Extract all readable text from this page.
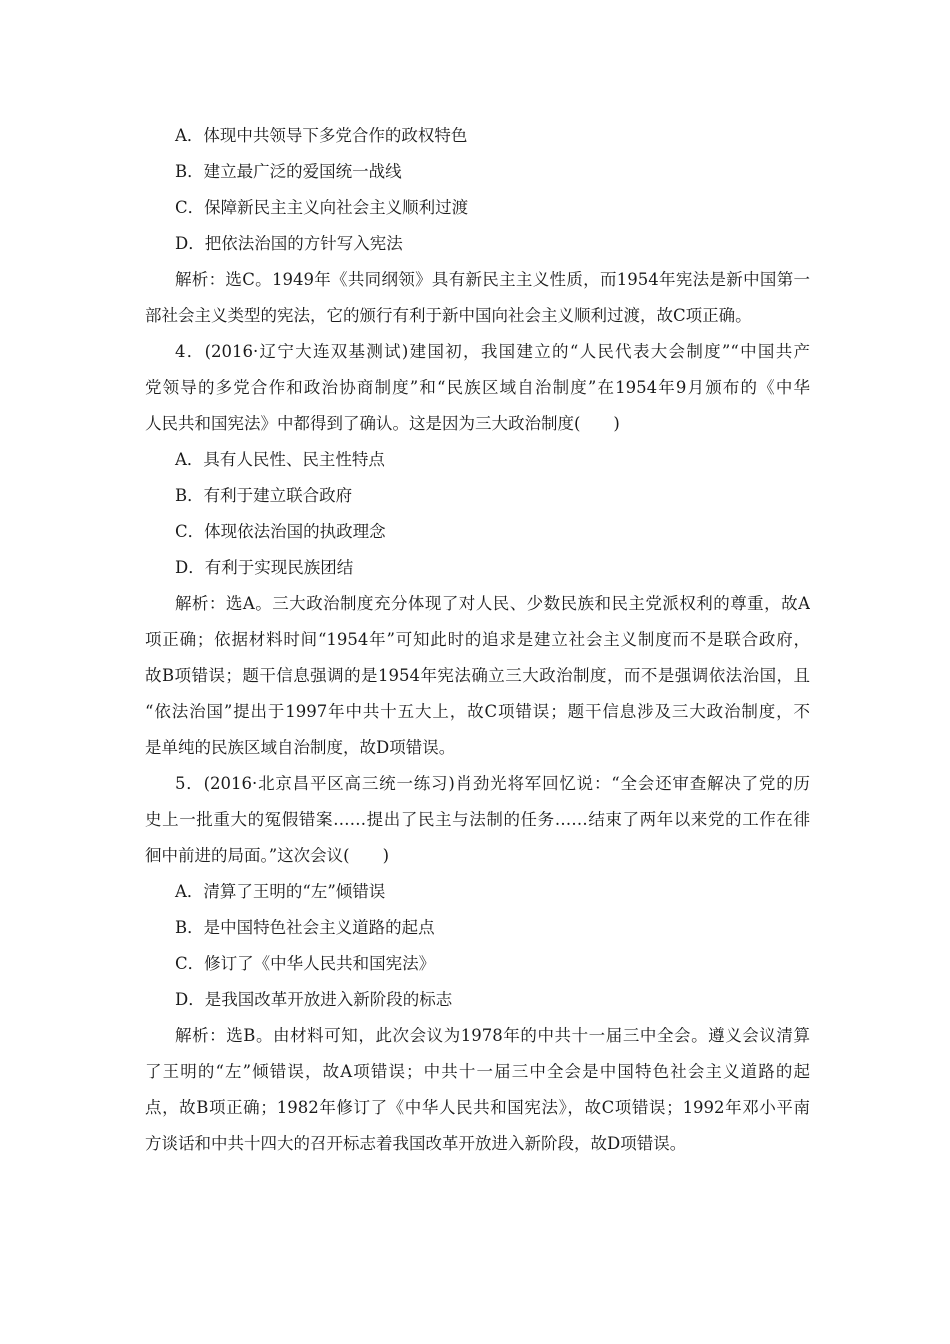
A．体现中共领导下多党合作的政权特色
B．建立最广泛的爱国统一战线
C．保障新民主主义向社会主义顺利过渡
D．把依法治国的方针写入宪法
解析：选C。1949年《共同纲领》具有新民主主义性质，而1954年宪法是新中国第一
部社会主义类型的宪法，它的颁行有利于新中国向社会主义顺利过渡，故C项正确。
4．(2016·辽宁大连双基测试)建国初，我国建立的“人民代表大会制度”“中国共产
党领导的多党合作和政治协商制度”和“民族区域自治制度”在1954年9月颁布的《中华
人民共和国宪法》中都得到了确认。这是因为三大政治制度(　　)
A．具有人民性、民主性特点
B．有利于建立联合政府
C．体现依法治国的执政理念
D．有利于实现民族团结
解析：选A。三大政治制度充分体现了对人民、少数民族和民主党派权利的尊重，故A
项正确；依据材料时间“1954年”可知此时的追求是建立社会主义制度而不是联合政府，
故B项错误；题干信息强调的是1954年宪法确立三大政治制度，而不是强调依法治国，且
“依法治国”提出于1997年中共十五大上，故C项错误；题干信息涉及三大政治制度，不
是单纯的民族区域自治制度，故D项错误。
5．(2016·北京昌平区高三统一练习)肖劲光将军回忆说：“全会还审查解决了党的历
史上一批重大的冤假错案……提出了民主与法制的任务……结束了两年以来党的工作在徘
徊中前进的局面。”这次会议(　　)
A．清算了王明的“左”倾错误
B．是中国特色社会主义道路的起点
C．修订了《中华人民共和国宪法》
D．是我国改革开放进入新阶段的标志
解析：选B。由材料可知，此次会议为1978年的中共十一届三中全会。遵义会议清算
了王明的“左”倾错误，故A项错误；中共十一届三中全会是中国特色社会主义道路的起
点，故B项正确；1982年修订了《中华人民共和国宪法》，故C项错误；1992年邓小平南
方谈话和中共十四大的召开标志着我国改革开放进入新阶段，故D项错误。
